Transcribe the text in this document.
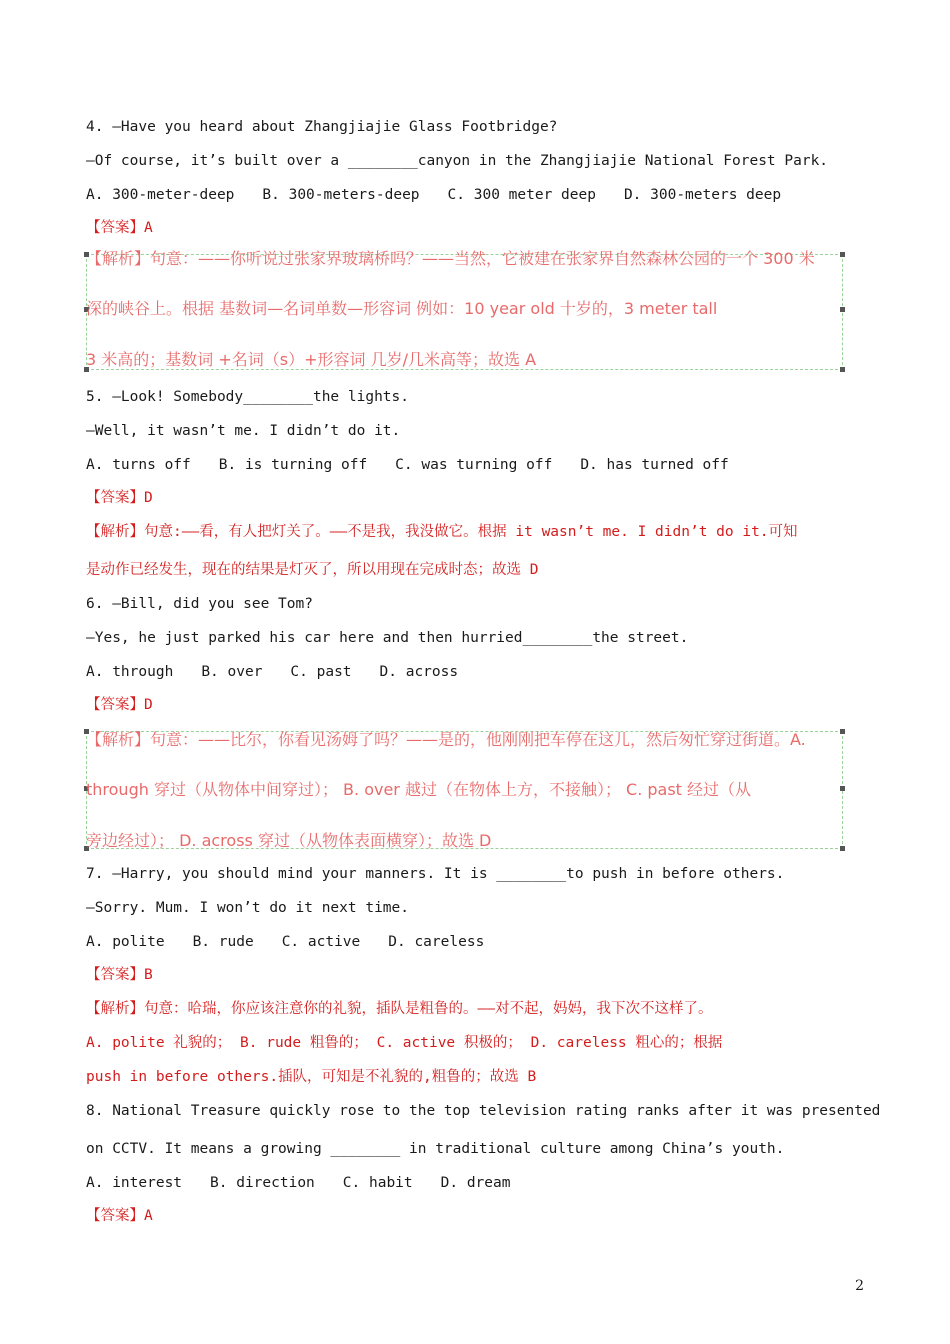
4. —Have you heard about Zhangjiajie Glass Footbridge?
—Of course, it’s built over a ________canyon in the Zhangjiajie National Forest Park.
A. 300-meter-deep B. 300-meters-deep C. 300 meter deep D. 300-meters deep
【答案】A
【解析】句意：——你听说过张家界玻璃桥吗？——当然，它被建在张家界自然森林公园的一个 300 米
深的峡谷上。根据 基数词—名词单数—形容词 例如：10 year old 十岁的，3 meter tall
3 米高的；基数词 +名词（s）+形容词 几岁/几米高等；故选 A
5. —Look! Somebody________the lights.
—Well, it wasn’t me. I didn’t do it.
A. turns off B. is turning off C. was turning off D. has turned off
【答案】D
【解析】句意:——看，有人把灯关了。——不是我，我没做它。根据 it wasn’t me. I didn’t do it.可知
是动作已经发生，现在的结果是灯灭了，所以用现在完成时态；故选 D
6. —Bill, did you see Tom?
—Yes, he just parked his car here and then hurried________the street.
A. through B. over C. past D. across
【答案】D
【解析】句意：——比尔，你看见汤姆了吗？——是的，他刚刚把车停在这儿，然后匆忙穿过街道。A.
through 穿过（从物体中间穿过）； B. over 越过（在物体上方，不接触）； C. past 经过（从
旁边经过）； D. across 穿过（从物体表面横穿）；故选 D
7. —Harry, you should mind your manners. It is ________to push in before others.
—Sorry. Mum. I won’t do it next time.
A. polite B. rude C. active D. careless
【答案】B
【解析】句意：哈瑞，你应该注意你的礼貌，插队是粗鲁的。——对不起，妈妈，我下次不这样了。
A. polite 礼貌的； B. rude 粗鲁的； C. active 积极的； D. careless 粗心的；根据
push in before others.插队，可知是不礼貌的,粗鲁的；故选 B
8. National Treasure quickly rose to the top television rating ranks after it was presented
on CCTV. It means a growing ________ in traditional culture among China’s youth.
A. interest B. direction C. habit D. dream
【答案】A
2
